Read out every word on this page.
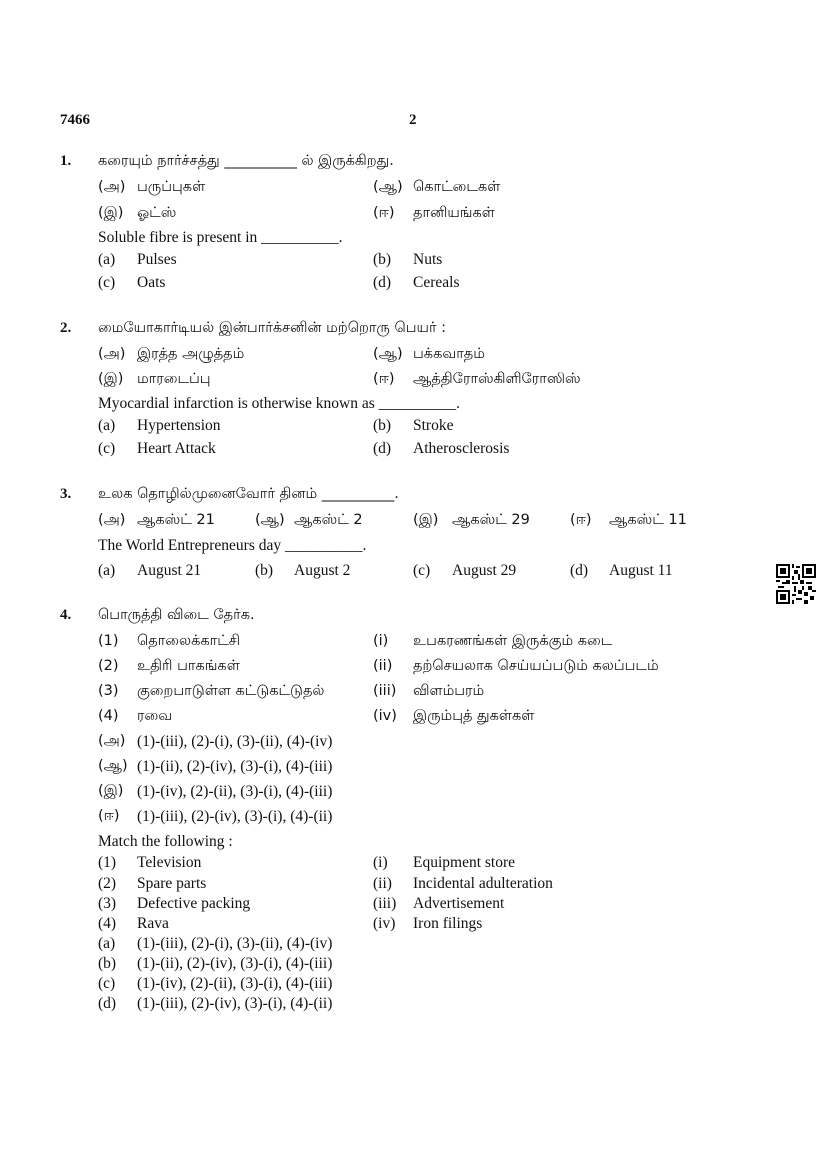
7466	2
1. கரையும் நார்ச்சத்து __________ ல் இருக்கிறது.
(அ) பருப்புகள்	(ஆ) கொட்டைகள்
(இ) ஓட்ஸ்	(ஈ) தானியங்கள்
Soluble fibre is present in __________.
(a) Pulses	(b) Nuts
(c) Oats	(d) Cereals
2. மையோகார்டியல் இன்பார்க்சனின் மற்றொரு பெயர் :
(அ) இரத்த அழுத்தம்	(ஆ) பக்கவாதம்
(இ) மாரடைப்பு	(ஈ) ஆத்திரோஸ்கிளிரோஸிஸ்
Myocardial infarction is otherwise known as __________.
(a) Hypertension	(b) Stroke
(c) Heart Attack	(d) Atherosclerosis
3. உலக தொழில்முனைவோர் தினம் __________.
(அ) ஆகஸ்ட் 21	(ஆ) ஆகஸ்ட் 2	(இ) ஆகஸ்ட் 29	(ஈ) ஆகஸ்ட் 11
The World Entrepreneurs day __________.
(a) August 21	(b) August 2	(c) August 29	(d) August 11
4. பொருத்தி விடை தேர்க.
(1) தொலைக்காட்சி	(i) உபகரணங்கள் இருக்கும் கடை
(2) உதிரி பாகங்கள்	(ii) தற்செயலாக செய்யப்படும் கலப்படம்
(3) குறைபாடுள்ள கட்டுகட்டுதல்	(iii) விளம்பரம்
(4) ரவை	(iv) இரும்புத் துகள்கள்
(அ) (1)-(iii), (2)-(i), (3)-(ii), (4)-(iv)
(ஆ) (1)-(ii), (2)-(iv), (3)-(i), (4)-(iii)
(இ) (1)-(iv), (2)-(ii), (3)-(i), (4)-(iii)
(ஈ) (1)-(iii), (2)-(iv), (3)-(i), (4)-(ii)
Match the following :
(1) Television	(i) Equipment store
(2) Spare parts	(ii) Incidental adulteration
(3) Defective packing	(iii) Advertisement
(4) Rava	(iv) Iron filings
(a) (1)-(iii), (2)-(i), (3)-(ii), (4)-(iv)
(b) (1)-(ii), (2)-(iv), (3)-(i), (4)-(iii)
(c) (1)-(iv), (2)-(ii), (3)-(i), (4)-(iii)
(d) (1)-(iii), (2)-(iv), (3)-(i), (4)-(ii)
